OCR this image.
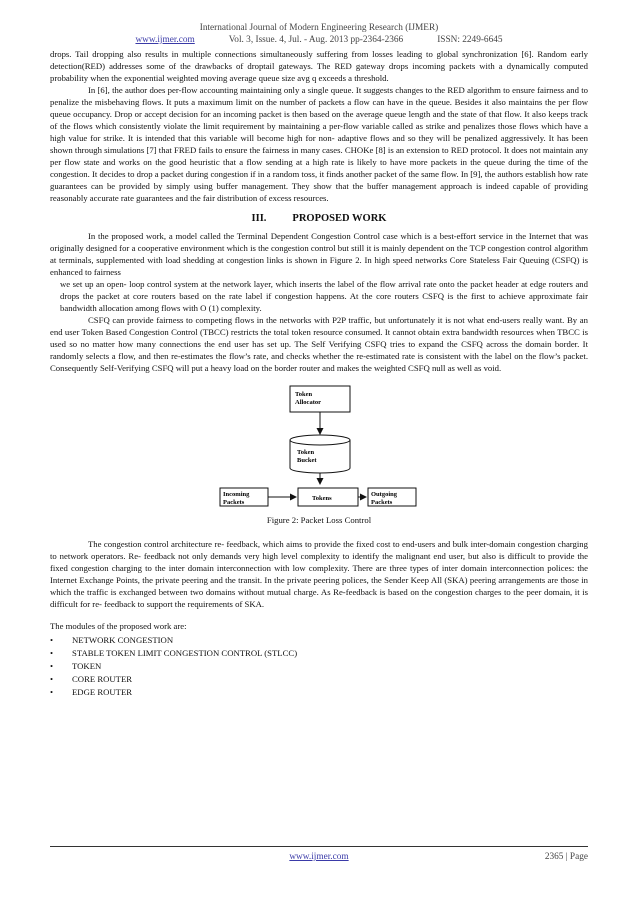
International Journal of Modern Engineering Research (IJMER)
www.ijmer.com	Vol. 3, Issue. 4, Jul. - Aug. 2013 pp-2364-2366	ISSN: 2249-6645

drops. Tail dropping also results in multiple connections simultaneously suffering from losses leading to global synchronization [6]. Random early detection(RED) addresses some of the drawbacks of droptail gateways. The RED gateway drops incoming packets with a dynamically computed probability when the exponential weighted moving average queue size avg q exceeds a threshold.

In [6], the author does per-flow accounting maintaining only a single queue. It suggests changes to the RED algorithm to ensure fairness and to penalize the misbehaving flows. It puts a maximum limit on the number of packets a flow can have in the queue. Besides it also maintains the per flow queue occupancy. Drop or accept decision for an incoming packet is then based on the average queue length and the state of that flow. It also keeps track of the flows which consistently violate the limit requirement by maintaining a per-flow variable called as strike and penalizes those flows which have a high value for strike. It is intended that this variable will become high for non- adaptive flows and so they will be penalized aggressively. It has been shown through simulations [7] that FRED fails to ensure the fairness in many cases. CHOKe [8] is an extension to RED protocol. It does not maintain any per flow state and works on the good heuristic that a flow sending at a high rate is likely to have more packets in the queue during the time of the congestion. It decides to drop a packet during congestion if in a random toss, it finds another packet of the same flow. In [9], the authors establish how rate guarantees can be provided by simply using buffer management. They show that the buffer management approach is indeed capable of providing reasonably accurate rate guarantees and the fair distribution of excess resources.

III. PROPOSED WORK

In the proposed work, a model called the Terminal Dependent Congestion Control case which is a best-effort service in the Internet that was originally designed for a cooperative environment which is the congestion control but still it is mainly dependent on the TCP congestion control algorithm at terminals, supplemented with load shedding at congestion links is shown in Figure 2. In high speed networks Core Stateless Fair Queuing (CSFQ) is enhanced to fairness

we set up an open- loop control system at the network layer, which inserts the label of the flow arrival rate onto the packet header at edge routers and drops the packet at core routers based on the rate label if congestion happens. At the core routers CSFQ is the first to achieve approximate fair bandwidth allocation among flows with O (1) complexity.

CSFQ can provide fairness to competing flows in the networks with P2P traffic, but unfortunately it is not what end-users really want. By an end user Token Based Congestion Control (TBCC) restricts the total token resource consumed. It cannot obtain extra bandwidth resources when TBCC is used so no matter how many connections the end user has set up. The Self Verifying CSFQ tries to expand the CSFQ across the domain border. It randomly selects a flow, and then re-estimates the flow’s rate, and checks whether the re-estimated rate is consistent with the label on the flow’s packet. Consequently Self-Verifying CSFQ will put a heavy load on the border router and makes the weighted CSFQ null as well as void.

Token
Allocator
Token
Bucket
Incoming
Packets
Tokens
Outgoing
Packets
Figure 2: Packet Loss Control

The congestion control architecture re- feedback, which aims to provide the fixed cost to end-users and bulk inter-domain congestion charging to network operators. Re- feedback not only demands very high level complexity to identify the malignant end user, but also is difficult to provide the fixed congestion charging to the inter domain interconnection with low complexity. There are three types of inter domain interconnection polices: the Internet Exchange Points, the private peering and the transit. In the private peering polices, the Sender Keep All (SKA) peering arrangements are those in which the traffic is exchanged between two domains without mutual charge. As Re-feedback is based on the congestion charges to the peer domain, it is difficult for re- feedback to support the requirements of SKA.

The modules of the proposed work are:

• NETWORK CONGESTION
• STABLE TOKEN LIMIT CONGESTION CONTROL (STLCC)
• TOKEN
• CORE ROUTER
• EDGE ROUTER
www.ijmer.com	2365 | Page
